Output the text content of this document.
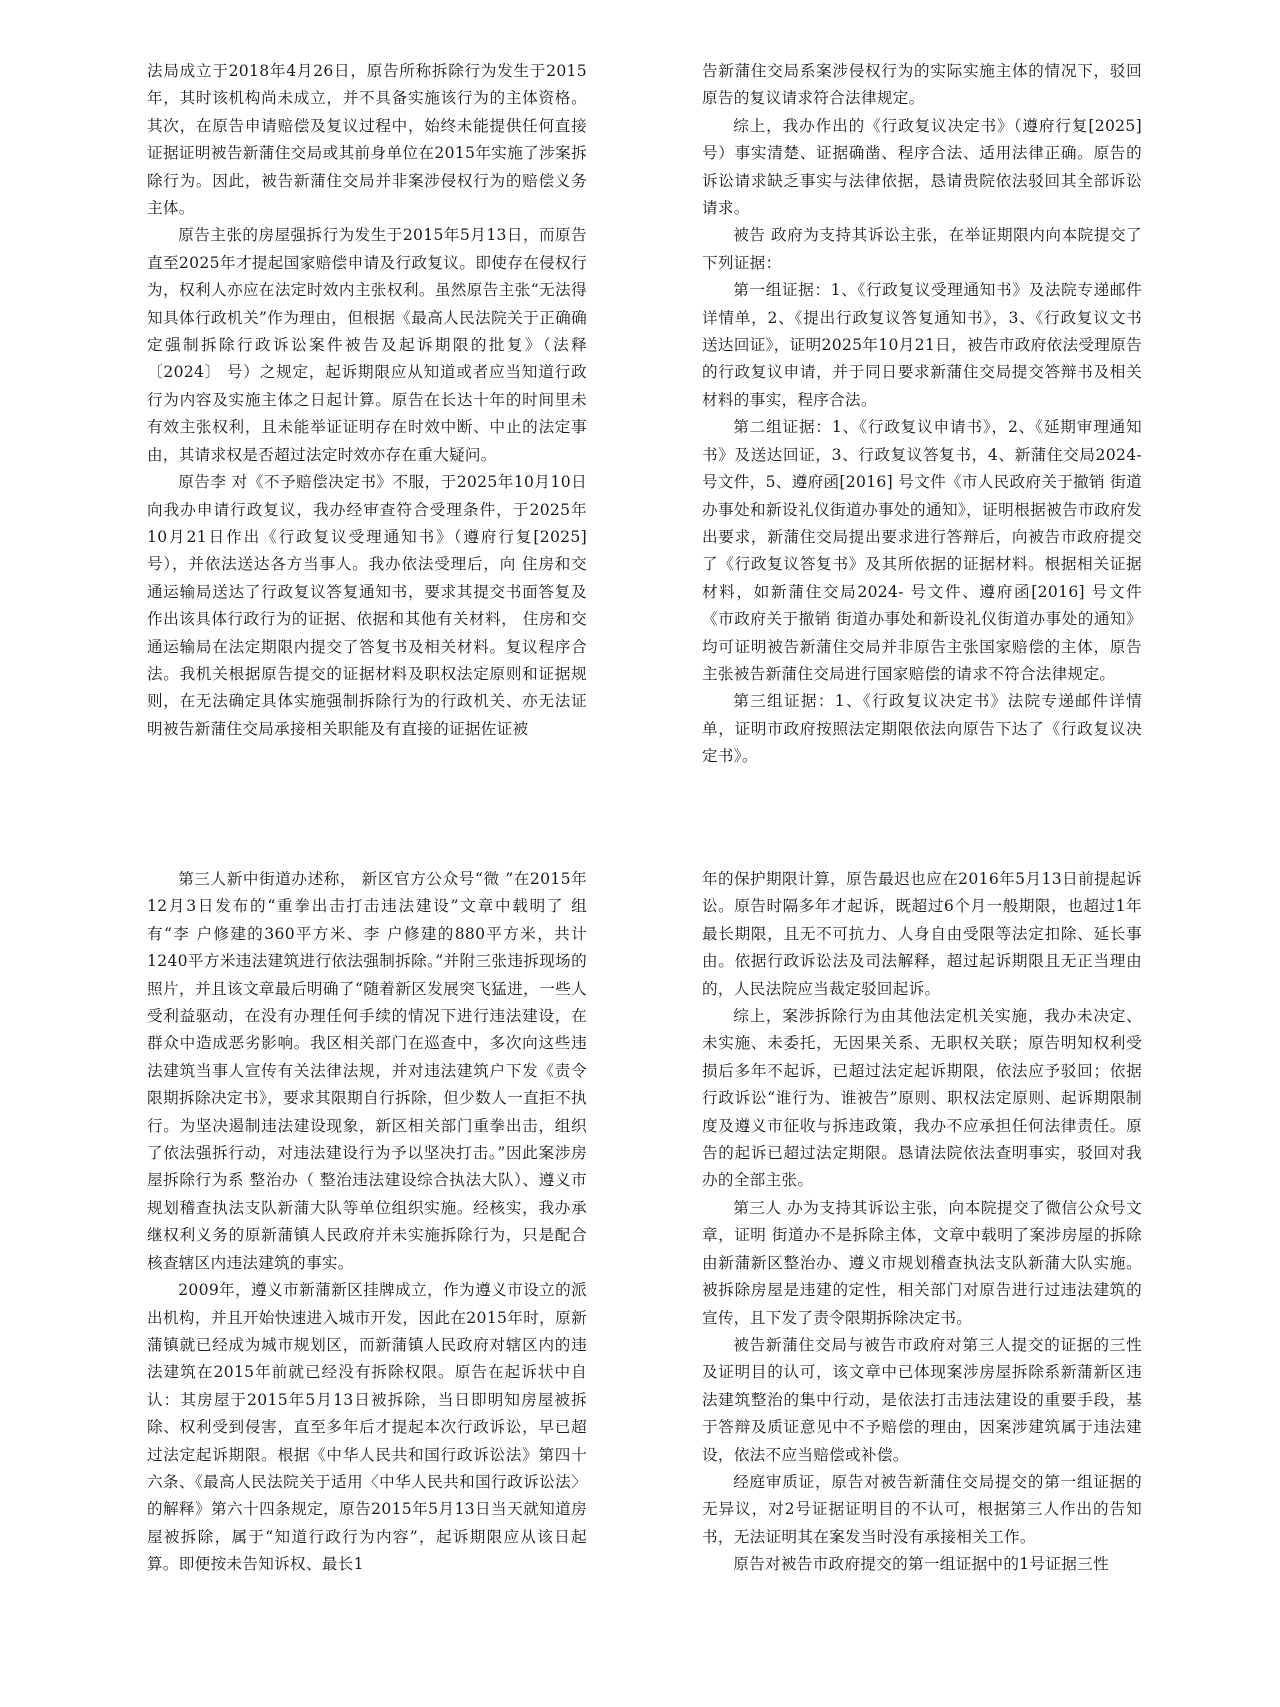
法局成立于2018年4月26日，原告所称拆除行为发生于2015年，其时该机构尚未成立，并不具备实施该行为的主体资格。其次，在原告申请赔偿及复议过程中，始终未能提供任何直接证据证明被告新蒲住交局或其前身单位在2015年实施了涉案拆除行为。因此，被告新蒲住交局并非案涉侵权行为的赔偿义务主体。

原告主张的房屋强拆行为发生于2015年5月13日，而原告直至2025年才提起国家赔偿申请及行政复议。即使存在侵权行为，权利人亦应在法定时效内主张权利。虽然原告主张“无法得知具体行政机关”作为理由，但根据《最高人民法院关于正确确定强制拆除行政诉讼案件被告及起诉期限的批复》（法释〔2024〕 号）之规定，起诉期限应从知道或者应当知道行政行为内容及实施主体之日起计算。原告在长达十年的时间里未有效主张权利，且未能举证证明存在时效中断、中止的法定事由，其请求权是否超过法定时效亦存在重大疑问。

原告李 对《不予赔偿决定书》不服，于2025年10月10日向我办申请行政复议，我办经审查符合受理条件，于2025年10月21日作出《行政复议受理通知书》（遵府行复[2025] 号），并依法送达各方当事人。我办依法受理后，向 住房和交通运输局送达了行政复议答复通知书，要求其提交书面答复及作出该具体行政行为的证据、依据和其他有关材料， 住房和交通运输局在法定期限内提交了答复书及相关材料。复议程序合法。我机关根据原告提交的证据材料及职权法定原则和证据规则，在无法确定具体实施强制拆除行为的行政机关、亦无法证明被告新蒲住交局承接相关职能及有直接的证据佐证被

告新蒲住交局系案涉侵权行为的实际实施主体的情况下，驳回原告的复议请求符合法律规定。

综上，我办作出的《行政复议决定书》（遵府行复[2025] 号）事实清楚、证据确凿、程序合法、适用法律正确。原告的诉讼请求缺乏事实与法律依据，恳请贵院依法驳回其全部诉讼请求。

被告 政府为支持其诉讼主张，在举证期限内向本院提交了下列证据：

第一组证据：1、《行政复议受理通知书》及法院专递邮件详情单，2、《提出行政复议答复通知书》，3、《行政复议文书送达回证》，证明2025年10月21日，被告市政府依法受理原告的行政复议申请，并于同日要求新蒲住交局提交答辩书及相关材料的事实，程序合法。

第二组证据：1、《行政复议申请书》，2、《延期审理通知书》及送达回证，3、行政复议答复书，4、新蒲住交局2024- 号文件，5、遵府函[2016] 号文件《市人民政府关于撤销 街道办事处和新设礼仪街道办事处的通知》，证明根据被告市政府发出要求，新蒲住交局提出要求进行答辩后，向被告市政府提交了《行政复议答复书》及其所依据的证据材料。根据相关证据材料，如新蒲住交局2024- 号文件、遵府函[2016] 号文件《市政府关于撤销 街道办事处和新设礼仪街道办事处的通知》均可证明被告新蒲住交局并非原告主张国家赔偿的主体，原告主张被告新蒲住交局进行国家赔偿的请求不符合法律规定。

第三组证据：1、《行政复议决定书》法院专递邮件详情单，证明市政府按照法定期限依法向原告下达了《行政复议决定书》。

第三人新中街道办述称， 新区官方公众号“微 ”在2015年12月3日发布的“重拳出击打击违法建设”文章中载明了 组有“李 户修建的360平方米、李 户修建的880平方米，共计1240平方米违法建筑进行依法强制拆除。”并附三张违拆现场的照片，并且该文章最后明确了“随着新区发展突飞猛进，一些人受利益驱动，在没有办理任何手续的情况下进行违法建设，在群众中造成恶劣影响。我区相关部门在巡查中，多次向这些违法建筑当事人宣传有关法律法规，并对违法建筑户下发《责令限期拆除决定书》，要求其限期自行拆除，但少数人一直拒不执行。为坚决遏制违法建设现象，新区相关部门重拳出击，组织了依法强拆行动，对违法建设行为予以坚决打击。”因此案涉房屋拆除行为系 整治办（ 整治违法建设综合执法大队）、遵义市规划稽查执法支队新蒲大队等单位组织实施。经核实，我办承继权利义务的原新蒲镇人民政府并未实施拆除行为，只是配合核查辖区内违法建筑的事实。

2009年，遵义市新蒲新区挂牌成立，作为遵义市设立的派出机构，并且开始快速进入城市开发，因此在2015年时，原新蒲镇就已经成为城市规划区，而新蒲镇人民政府对辖区内的违法建筑在2015年前就已经没有拆除权限。原告在起诉状中自认：其房屋于2015年5月13日被拆除，当日即明知房屋被拆除、权利受到侵害，直至多年后才提起本次行政诉讼，早已超过法定起诉期限。根据《中华人民共和国行政诉讼法》第四十六条、《最高人民法院关于适用〈中华人民共和国行政诉讼法〉的解释》第六十四条规定，原告2015年5月13日当天就知道房屋被拆除，属于“知道行政行为内容”，起诉期限应从该日起算。即便按未告知诉权、最长1

年的保护期限计算，原告最迟也应在2016年5月13日前提起诉讼。原告时隔多年才起诉，既超过6个月一般期限，也超过1年最长期限，且无不可抗力、人身自由受限等法定扣除、延长事由。依据行政诉讼法及司法解释，超过起诉期限且无正当理由的，人民法院应当裁定驳回起诉。

综上，案涉拆除行为由其他法定机关实施，我办未决定、未实施、未委托，无因果关系、无职权关联；原告明知权利受损后多年不起诉，已超过法定起诉期限，依法应予驳回；依据行政诉讼“谁行为、谁被告”原则、职权法定原则、起诉期限制度及遵义市征收与拆违政策，我办不应承担任何法律责任。原告的起诉已超过法定期限。恳请法院依法查明事实，驳回对我办的全部主张。

第三人 办为支持其诉讼主张，向本院提交了微信公众号文章，证明 街道办不是拆除主体，文章中载明了案涉房屋的拆除由新蒲新区整治办、遵义市规划稽查执法支队新蒲大队实施。被拆除房屋是违建的定性，相关部门对原告进行过违法建筑的宣传，且下发了责令限期拆除决定书。

被告新蒲住交局与被告市政府对第三人提交的证据的三性及证明目的认可，该文章中已体现案涉房屋拆除系新蒲新区违法建筑整治的集中行动，是依法打击违法建设的重要手段，基于答辩及质证意见中不予赔偿的理由，因案涉建筑属于违法建设，依法不应当赔偿或补偿。

经庭审质证，原告对被告新蒲住交局提交的第一组证据的无异议，对2号证据证明目的不认可，根据第三人作出的告知书，无法证明其在案发当时没有承接相关工作。

原告对被告市政府提交的第一组证据中的1号证据三性
